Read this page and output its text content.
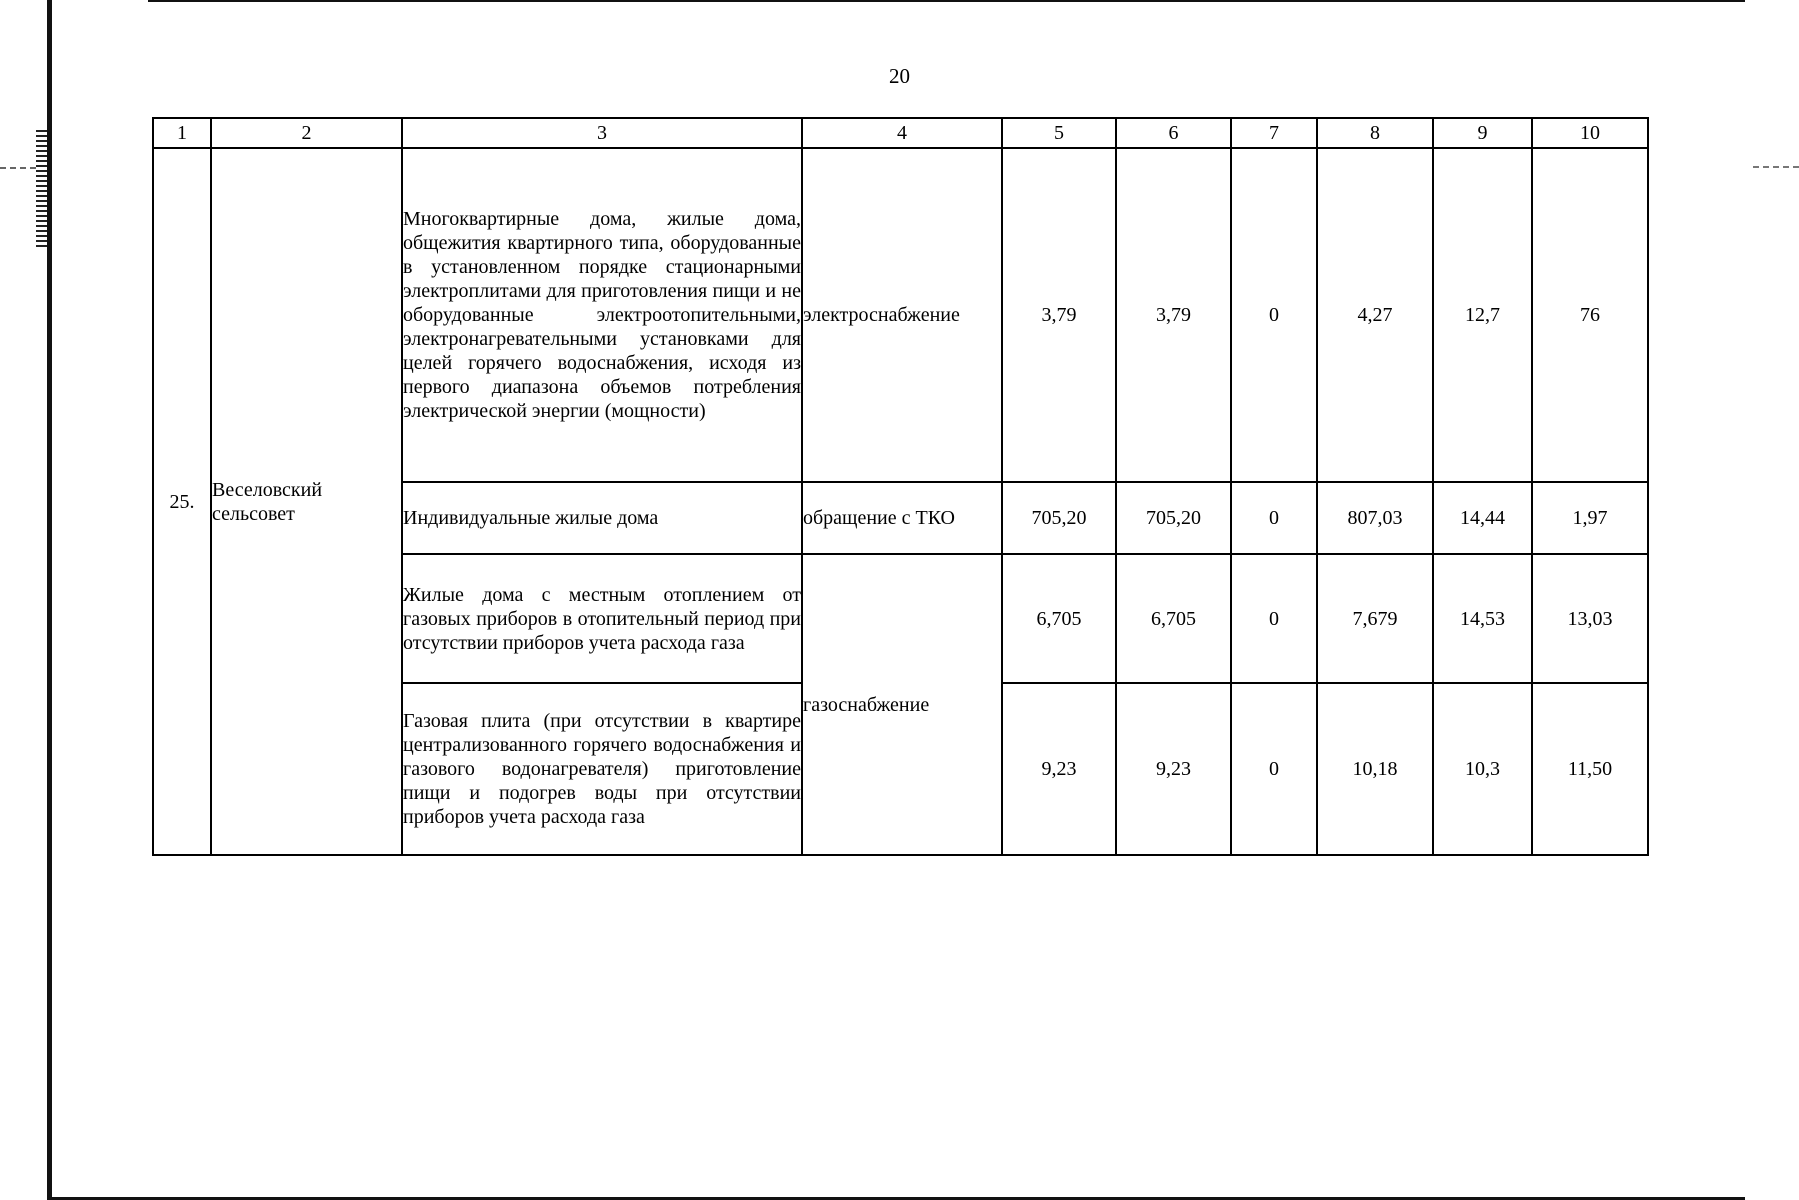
20
1	2	3	4	5	6	7	8	9	10
25.	Веселовский сельсовет	Многоквартирные дома, жилые дома, общежития квартирного типа, оборудованные в установленном порядке стационарными электроплитами для приготовления пищи и не оборудованные электроотопительными, электронагревательными установками для целей горячего водоснабжения, исходя из первого диапазона объемов потребления электрической энергии (мощности)	электроснабжение	3,79	3,79	0	4,27	12,7	76
		Индивидуальные жилые дома	обращение с ТКО	705,20	705,20	0	807,03	14,44	1,97
		Жилые дома с местным отоплением от газовых приборов в отопительный период при отсутствии приборов учета расхода газа	газоснабжение	6,705	6,705	0	7,679	14,53	13,03
		Газовая плита (при отсутствии в квартире централизованного горячего водоснабжения и газового водонагревателя) приготовление пищи и подогрев воды при отсутствии приборов учета расхода газа		9,23	9,23	0	10,18	10,3	11,50
